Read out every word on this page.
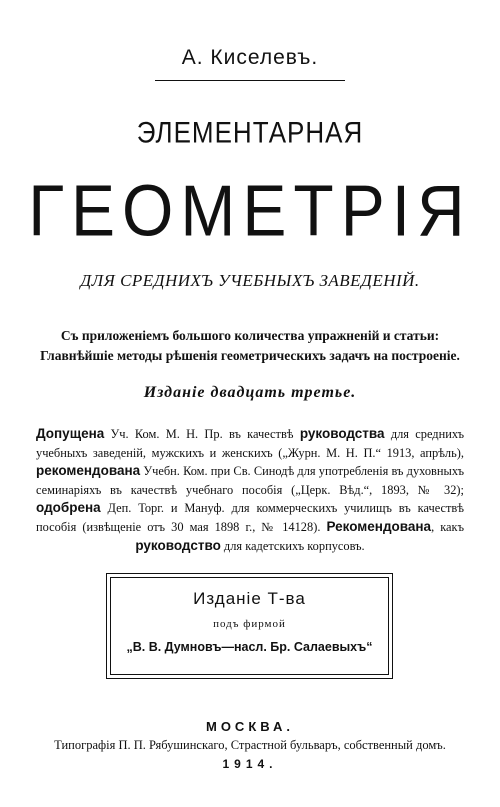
А. Киселевъ.
ЭЛЕМЕНТАРНАЯ
ГЕОМЕТРІЯ
ДЛЯ СРЕДНИХЪ УЧЕБНЫХЪ ЗАВЕДЕНІЙ.
Съ приложеніемъ большого количества упражненій и статьи: Главнѣйшіе методы рѣшенія геометрическихъ задачъ на построеніе.
Изданіе двадцать третье.
Допущена Уч. Ком. М. Н. Пр. въ качествѣ руководства для среднихъ учебныхъ заведеній, мужскихъ и женскихъ („Журн. М. Н. П.“ 1913, апрѣль), рекомендована Учебн. Ком. при Св. Синодѣ для употребленія въ духовныхъ семинаріяхъ въ качествѣ учебнаго пособія („Церк. Вѣд.“, 1893, № 32); одобрена Деп. Торг. и Мануф. для коммерческихъ училищъ въ качествѣ пособія (извѣщеніе отъ 30 мая 1898 г., № 14128). Рекомендована, какъ руководство для кадетскихъ корпусовъ.
Изданіе Т-ва
подъ фирмой
„В. В. Думновъ—насл. Бр. Салаевыхъ“
МОСКВА.
Типографія П. П. Рябушинскаго, Страстной бульваръ, собственный домъ.
1914.
